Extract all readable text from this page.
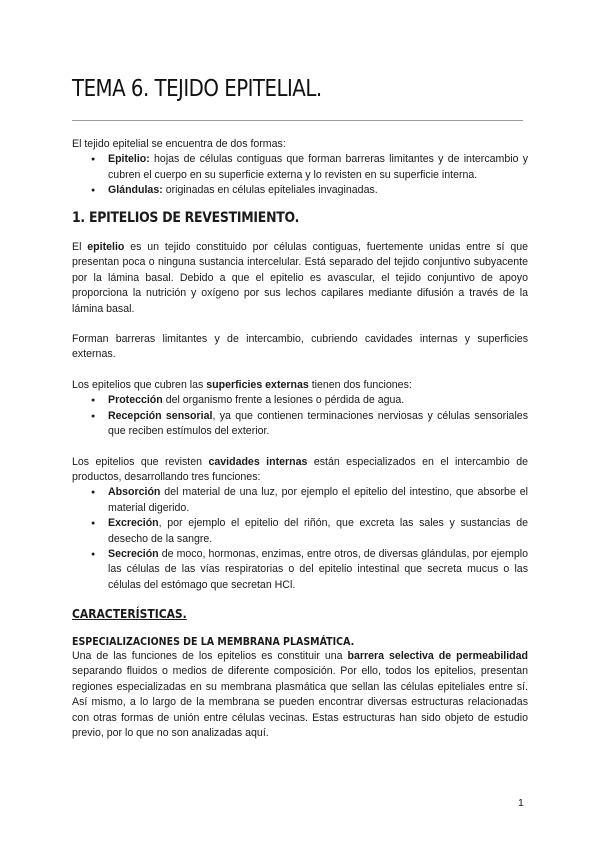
TEMA 6. TEJIDO EPITELIAL.

El tejido epitelial se encuentra de dos formas:

● Epitelio: hojas de células contiguas que forman barreras limitantes y de intercambio y cubren el cuerpo en su superficie externa y lo revisten en su superficie interna.
● Glándulas: originadas en células epiteliales invaginadas.
1. EPITELIOS DE REVESTIMIENTO.

El epitelio es un tejido constituido por células contiguas, fuertemente unidas entre sí que presentan poca o ninguna sustancia intercelular. Está separado del tejido conjuntivo subyacente por la lámina basal. Debido a que el epitelio es avascular, el tejido conjuntivo de apoyo proporciona la nutrición y oxígeno por sus lechos capilares mediante difusión a través de la lámina basal.

Forman barreras limitantes y de intercambio, cubriendo cavidades internas y superficies externas.

Los epitelios que cubren las superficies externas tienen dos funciones:

● Protección del organismo frente a lesiones o pérdida de agua.
● Recepción sensorial, ya que contienen terminaciones nerviosas y células sensoriales que reciben estímulos del exterior.

Los epitelios que revisten cavidades internas están especializados en el intercambio de productos, desarrollando tres funciones:

● Absorción del material de una luz, por ejemplo el epitelio del intestino, que absorbe el material digerido.
● Excreción, por ejemplo el epitelio del riñón, que excreta las sales y sustancias de desecho de la sangre.
● Secreción de moco, hormonas, enzimas, entre otros, de diversas glándulas, por ejemplo las células de las vías respiratorias o del epitelio intestinal que secreta mucus o las células del estómago que secretan HCl.
CARACTERÍSTICAS.
ESPECIALIZACIONES DE LA MEMBRANA PLASMÁTICA.

Una de las funciones de los epitelios es constituir una barrera selectiva de permeabilidad separando fluidos o medios de diferente composición. Por ello, todos los epitelios, presentan regiones especializadas en su membrana plasmática que sellan las células epiteliales entre sí. Así mismo, a lo largo de la membrana se pueden encontrar diversas estructuras relacionadas con otras formas de unión entre células vecinas. Estas estructuras han sido objeto de estudio previo, por lo que no son analizadas aquí.

1
